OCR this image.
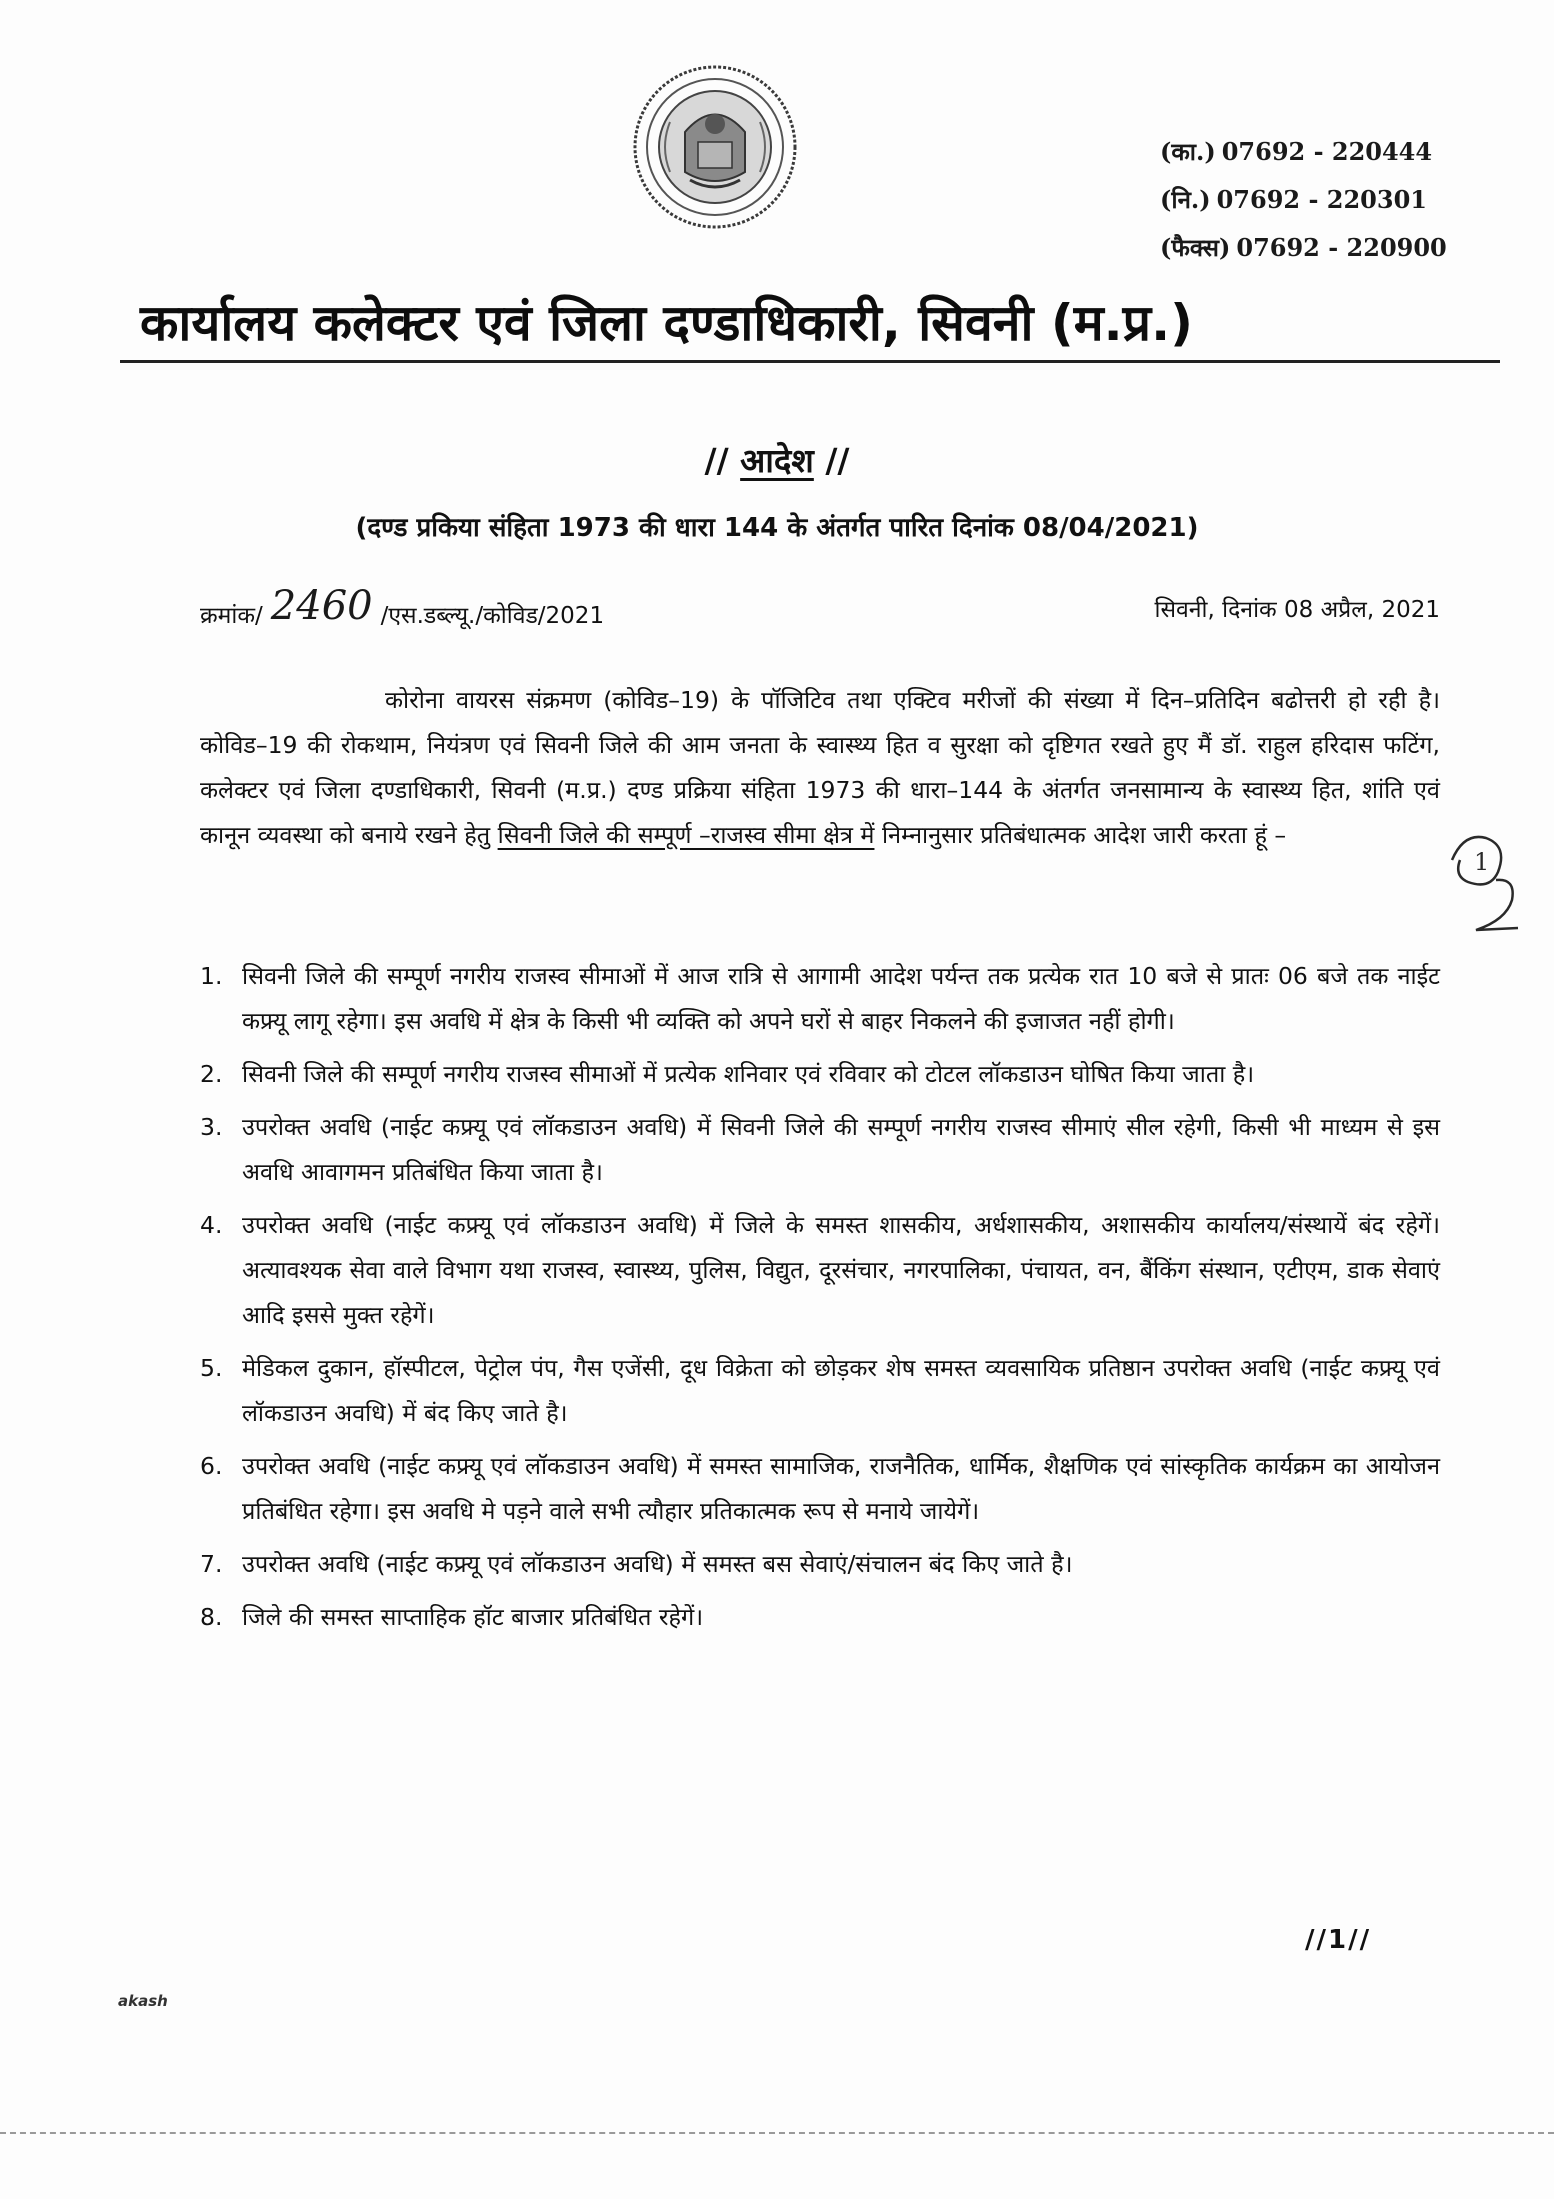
(का.) 07692 - 220444
(नि.) 07692 - 220301
(फैक्स) 07692 - 220900
कार्यालय कलेक्टर एवं जिला दण्डाधिकारी, सिवनी (म.प्र.)
// आदेश //
(दण्ड प्रकिया संहिता 1973 की धारा 144 के अंतर्गत पारित दिनांक 08/04/2021)
क्रमांक/ 2460 /एस.डब्ल्यू./कोविड/2021	सिवनी, दिनांक 08 अप्रैल, 2021

कोरोना वायरस संक्रमण (कोविड–19) के पॉजिटिव तथा एक्टिव मरीजों की संख्या में दिन–प्रतिदिन बढोत्तरी हो रही है। कोविड–19 की रोकथाम, नियंत्रण एवं सिवनी जिले की आम जनता के स्वास्थ्य हित व सुरक्षा को दृष्टिगत रखते हुए मैं डॉ. राहुल हरिदास फटिंग, कलेक्टर एवं जिला दण्डाधिकारी, सिवनी (म.प्र.) दण्ड प्रक्रिया संहिता 1973 की धारा–144 के अंतर्गत जनसामान्य के स्वास्थ्य हित, शांति एवं कानून व्यवस्था को बनाये रखने हेतु सिवनी जिले की सम्पूर्ण –राजस्व सीमा क्षेत्र में निम्नानुसार प्रतिबंधात्मक आदेश जारी करता हूं –

1
1. सिवनी जिले की सम्पूर्ण नगरीय राजस्व सीमाओं में आज रात्रि से आगामी आदेश पर्यन्त तक प्रत्येक रात 10 बजे से प्रातः 06 बजे तक नाईट कफ्र्यू लागू रहेगा। इस अवधि में क्षेत्र के किसी भी व्यक्ति को अपने घरों से बाहर निकलने की इजाजत नहीं होगी।
2. सिवनी जिले की सम्पूर्ण नगरीय राजस्व सीमाओं में प्रत्येक शनिवार एवं रविवार को टोटल लॉकडाउन घोषित किया जाता है।
3. उपरोक्त अवधि (नाईट कफ्र्यू एवं लॉकडाउन अवधि) में सिवनी जिले की सम्पूर्ण नगरीय राजस्व सीमाएं सील रहेगी, किसी भी माध्यम से इस अवधि आवागमन प्रतिबंधित किया जाता है।
4. उपरोक्त अवधि (नाईट कफ्र्यू एवं लॉकडाउन अवधि) में जिले के समस्त शासकीय, अर्धशासकीय, अशासकीय कार्यालय/संस्थायें बंद रहेगें। अत्यावश्यक सेवा वाले विभाग यथा राजस्व, स्वास्थ्य, पुलिस, विद्युत, दूरसंचार, नगरपालिका, पंचायत, वन, बैंकिंग संस्थान, एटीएम, डाक सेवाएं आदि इससे मुक्त रहेगें।
5. मेडिकल दुकान, हॉस्पीटल, पेट्रोल पंप, गैस एजेंसी, दूध विक्रेता को छोड़कर शेष समस्त व्यवसायिक प्रतिष्ठान उपरोक्त अवधि (नाईट कफ्र्यू एवं लॉकडाउन अवधि) में बंद किए जाते है।
6. उपरोक्त अवधि (नाईट कफ्र्यू एवं लॉकडाउन अवधि) में समस्त सामाजिक, राजनैतिक, धार्मिक, शैक्षणिक एवं सांस्कृतिक कार्यक्रम का आयोजन प्रतिबंधित रहेगा। इस अवधि मे पड़ने वाले सभी त्यौहार प्रतिकात्मक रूप से मनाये जायेगें।
7. उपरोक्त अवधि (नाईट कफ्र्यू एवं लॉकडाउन अवधि) में समस्त बस सेवाएं/संचालन बंद किए जाते है।
8. जिले की समस्त साप्ताहिक हॉट बाजार प्रतिबंधित रहेगें।
//1//
akash
